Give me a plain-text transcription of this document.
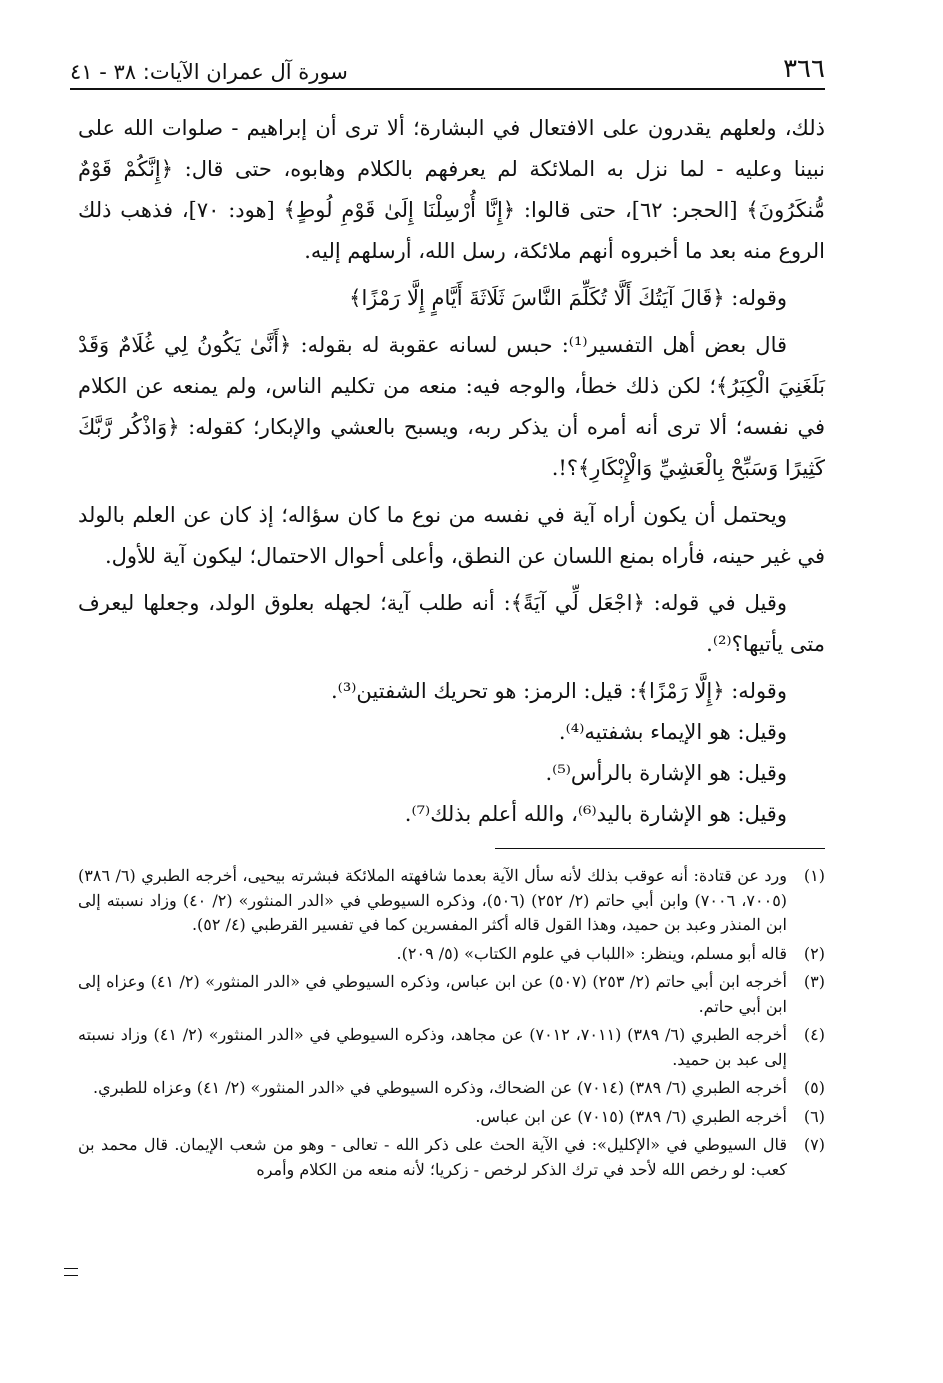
٣٦٦
سورة آل عمران الآيات: ٣٨ - ٤١

ذلك، ولعلهم يقدرون على الافتعال في البشارة؛ ألا ترى أن إبراهيم - صلوات الله على نبينا وعليه - لما نزل به الملائكة لم يعرفهم بالكلام وهابوه، حتى قال: ﴿إِنَّكُمْ قَوْمٌ مُّنكَرُونَ﴾ [الحجر: ٦٢]، حتى قالوا: ﴿إِنَّا أُرْسِلْنَا إِلَىٰ قَوْمِ لُوطٍ﴾ [هود: ٧٠]، فذهب ذلك الروع منه بعد ما أخبروه أنهم ملائكة، رسل الله، أرسلهم إليه.

وقوله: ﴿قَالَ آيَتُكَ أَلَّا تُكَلِّمَ النَّاسَ ثَلَاثَةَ أَيَّامٍ إِلَّا رَمْزًا﴾

قال بعض أهل التفسير⁽¹⁾: حبس لسانه عقوبة له بقوله: ﴿أَنَّىٰ يَكُونُ لِي غُلَامٌ وَقَدْ بَلَغَنِيَ الْكِبَرُ﴾؛ لكن ذلك خطأ، والوجه فيه: منعه من تكليم الناس، ولم يمنعه عن الكلام في نفسه؛ ألا ترى أنه أمره أن يذكر ربه، ويسبح بالعشي والإبكار؛ كقوله: ﴿وَاذْكُر رَّبَّكَ كَثِيرًا وَسَبِّحْ بِالْعَشِيِّ وَالْإِبْكَارِ﴾؟!.

ويحتمل أن يكون أراه آية في نفسه من نوع ما كان سؤاله؛ إذ كان عن العلم بالولد في غير حينه، فأراه بمنع اللسان عن النطق، وأعلى أحوال الاحتمال؛ ليكون آية للأول.

وقيل في قوله: ﴿اجْعَل لِّي آيَةً﴾: أنه طلب آية؛ لجهله بعلوق الولد، وجعلها ليعرف متى يأتيها؟⁽²⁾.

وقوله: ﴿إِلَّا رَمْزًا﴾: قيل: الرمز: هو تحريك الشفتين⁽³⁾.

وقيل: هو الإيماء بشفتيه⁽⁴⁾.

وقيل: هو الإشارة بالرأس⁽⁵⁾.

وقيل: هو الإشارة باليد⁽⁶⁾، والله أعلم بذلك⁽⁷⁾.

(١)
ورد عن قتادة: أنه عوقب بذلك لأنه سأل الآية بعدما شافهته الملائكة فبشرته بيحيى، أخرجه الطبري (٦/ ٣٨٦) (٧٠٠٥، ٧٠٠٦) وابن أبي حاتم (٢/ ٢٥٢) (٥٠٦)، وذكره السيوطي في «الدر المنثور» (٢/ ٤٠) وزاد نسبته إلى ابن المنذر وعبد بن حميد، وهذا القول قاله أكثر المفسرين كما في تفسير القرطبي (٤/ ٥٢).
(٢)
قاله أبو مسلم، وينظر: «اللباب في علوم الكتاب» (٥/ ٢٠٩).
(٣)
أخرجه ابن أبي حاتم (٢/ ٢٥٣) (٥٠٧) عن ابن عباس، وذكره السيوطي في «الدر المنثور» (٢/ ٤١) وعزاه إلى ابن أبي حاتم.
(٤)
أخرجه الطبري (٦/ ٣٨٩) (٧٠١١، ٧٠١٢) عن مجاهد، وذكره السيوطي في «الدر المنثور» (٢/ ٤١) وزاد نسبته إلى عبد بن حميد.
(٥)
أخرجه الطبري (٦/ ٣٨٩) (٧٠١٤) عن الضحاك، وذكره السيوطي في «الدر المنثور» (٢/ ٤١) وعزاه للطبري.
(٦)
أخرجه الطبري (٦/ ٣٨٩) (٧٠١٥) عن ابن عباس.
(٧)
قال السيوطي في «الإكليل»: في الآية الحث على ذكر الله - تعالى - وهو من شعب الإيمان. قال محمد بن كعب: لو رخص الله لأحد في ترك الذكر لرخص - زكريا؛ لأنه منعه من الكلام وأمره
